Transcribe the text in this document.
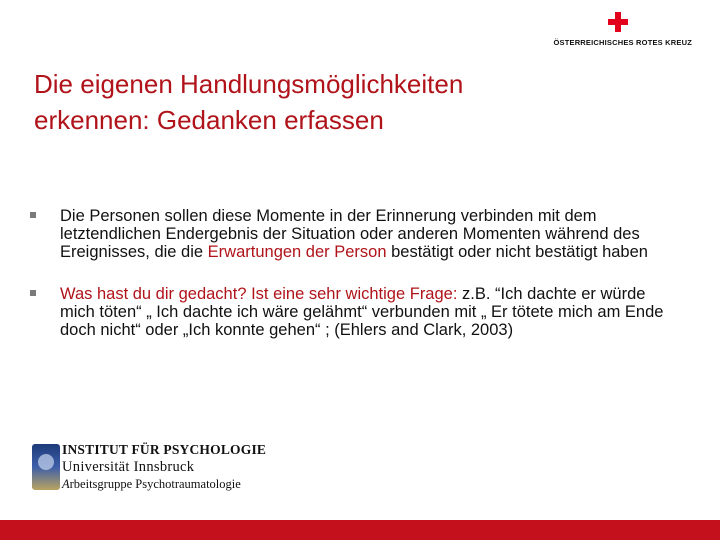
ÖSTERREICHISCHES ROTES KREUZ
Die eigenen Handlungsmöglichkeiten
erkennen: Gedanken erfassen
Die Personen sollen diese Momente in der Erinnerung verbinden mit dem letztendlichen Endergebnis der Situation oder anderen Momenten während des Ereignisses, die die Erwartungen der Person bestätigt oder nicht bestätigt haben
Was hast du dir gedacht? Ist eine sehr wichtige Frage: z.B. “Ich dachte er würde mich töten“ „ Ich dachte ich wäre gelähmt“ verbunden mit „ Er tötete mich am Ende doch nicht“ oder „Ich konnte gehen“ ; (Ehlers and Clark, 2003)
INSTITUT FÜR PSYCHOLOGIE
Universität Innsbruck
Arbeitsgruppe Psychotraumatologie
